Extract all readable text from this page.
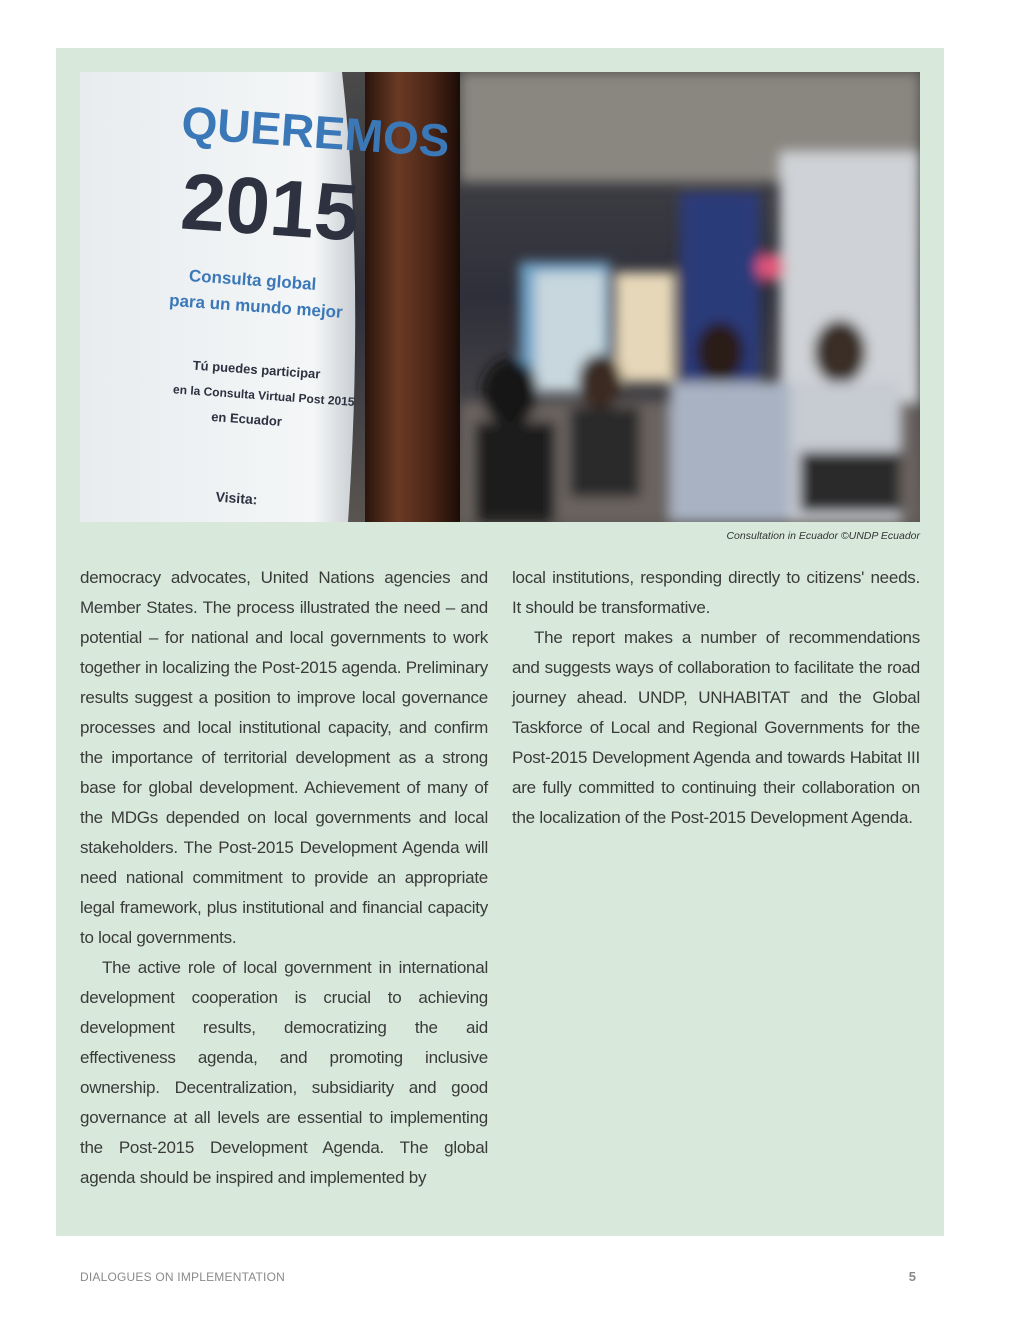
QUEREMOS
2015
Consulta global
para un mundo mejor
Tú puedes participar
en la Consulta Virtual Post 2015
en Ecuador
Visita:
Consultation in Ecuador ©UNDP Ecuador

democracy advocates, United Nations agencies and Member States. The process illustrated the need – and potential – for national and local governments to work together in localizing the Post-2015 agenda. Preliminary results suggest a position to improve local governance processes and local institutional capacity, and confirm the importance of territorial development as a strong base for global development. Achievement of many of the MDGs depended on local governments and local stakeholders. The Post-2015 Development Agenda will need national commitment to provide an appropriate legal framework, plus institutional and financial capacity to local governments.

The active role of local government in international development cooperation is crucial to achieving development results, democratizing the aid effectiveness agenda, and promoting inclusive ownership. Decentralization, subsidiarity and good governance at all levels are essential to implementing the Post-2015 Development Agenda. The global agenda should be inspired and implemented by

local institutions, responding directly to citizens' needs. It should be transformative.

The report makes a number of recommendations and suggests ways of collaboration to facilitate the road journey ahead. UNDP, UNHABITAT and the Global Taskforce of Local and Regional Governments for the Post-2015 Development Agenda and towards Habitat III are fully committed to continuing their collaboration on the localization of the Post-2015 Development Agenda.

DIALOGUES ON IMPLEMENTATION	5
